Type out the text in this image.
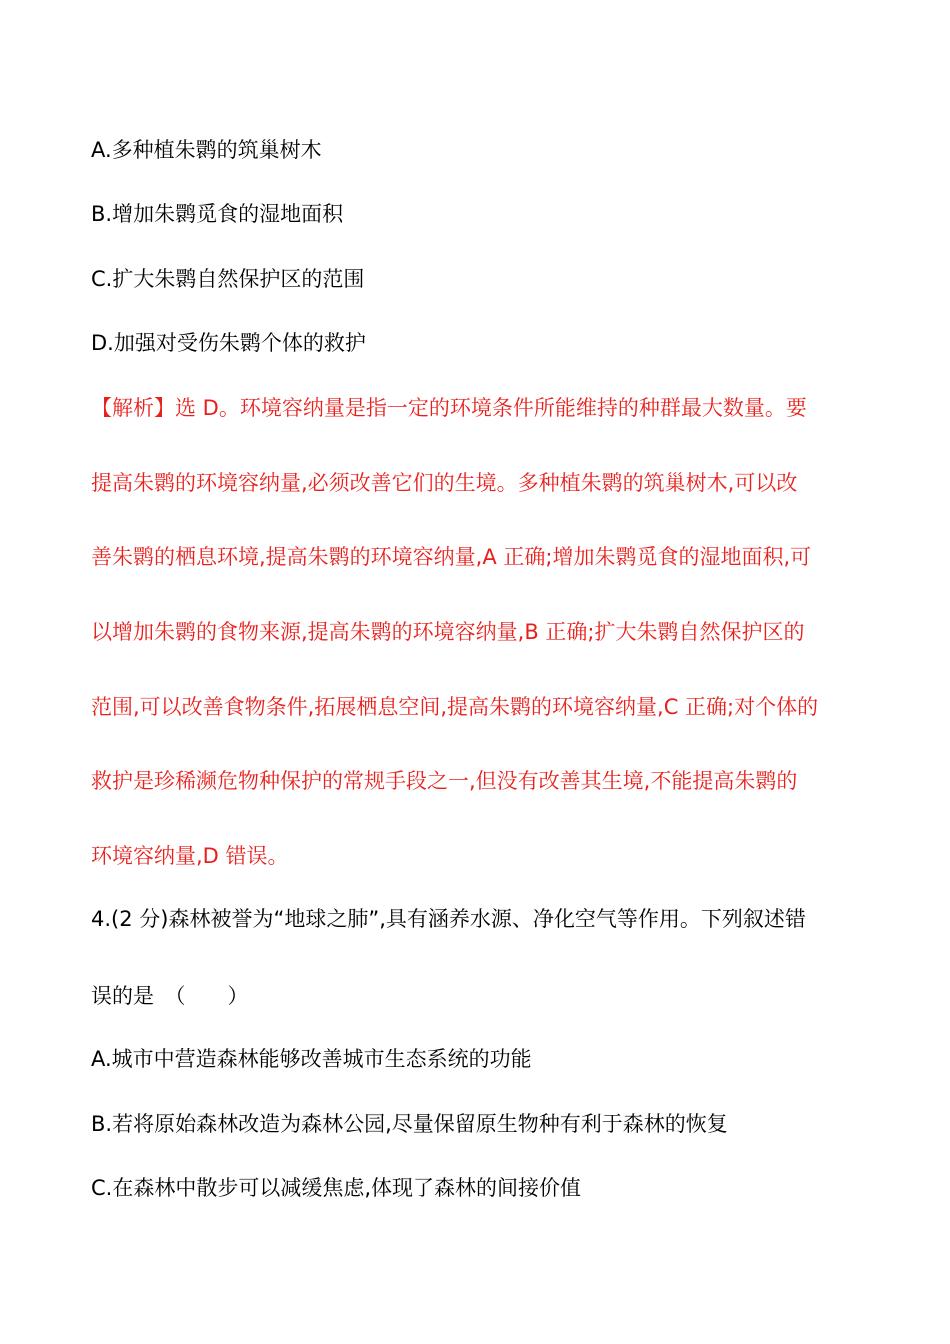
A.多种植朱鹮的筑巢树木
B.增加朱鹮觅食的湿地面积
C.扩大朱鹮自然保护区的范围
D.加强对受伤朱鹮个体的救护
【解析】选 D。环境容纳量是指一定的环境条件所能维持的种群最大数量。要
提高朱鹮的环境容纳量,必须改善它们的生境。多种植朱鹮的筑巢树木,可以改
善朱鹮的栖息环境,提高朱鹮的环境容纳量,A 正确;增加朱鹮觅食的湿地面积,可
以增加朱鹮的食物来源,提高朱鹮的环境容纳量,B 正确;扩大朱鹮自然保护区的
范围,可以改善食物条件,拓展栖息空间,提高朱鹮的环境容纳量,C 正确;对个体的
救护是珍稀濒危物种保护的常规手段之一,但没有改善其生境,不能提高朱鹮的
环境容纳量,D 错误。
4.(2 分)森林被誉为“地球之肺”,具有涵养水源、净化空气等作用。下列叙述错
误的是　（　　）
A.城市中营造森林能够改善城市生态系统的功能
B.若将原始森林改造为森林公园,尽量保留原生物种有利于森林的恢复
C.在森林中散步可以减缓焦虑,体现了森林的间接价值
